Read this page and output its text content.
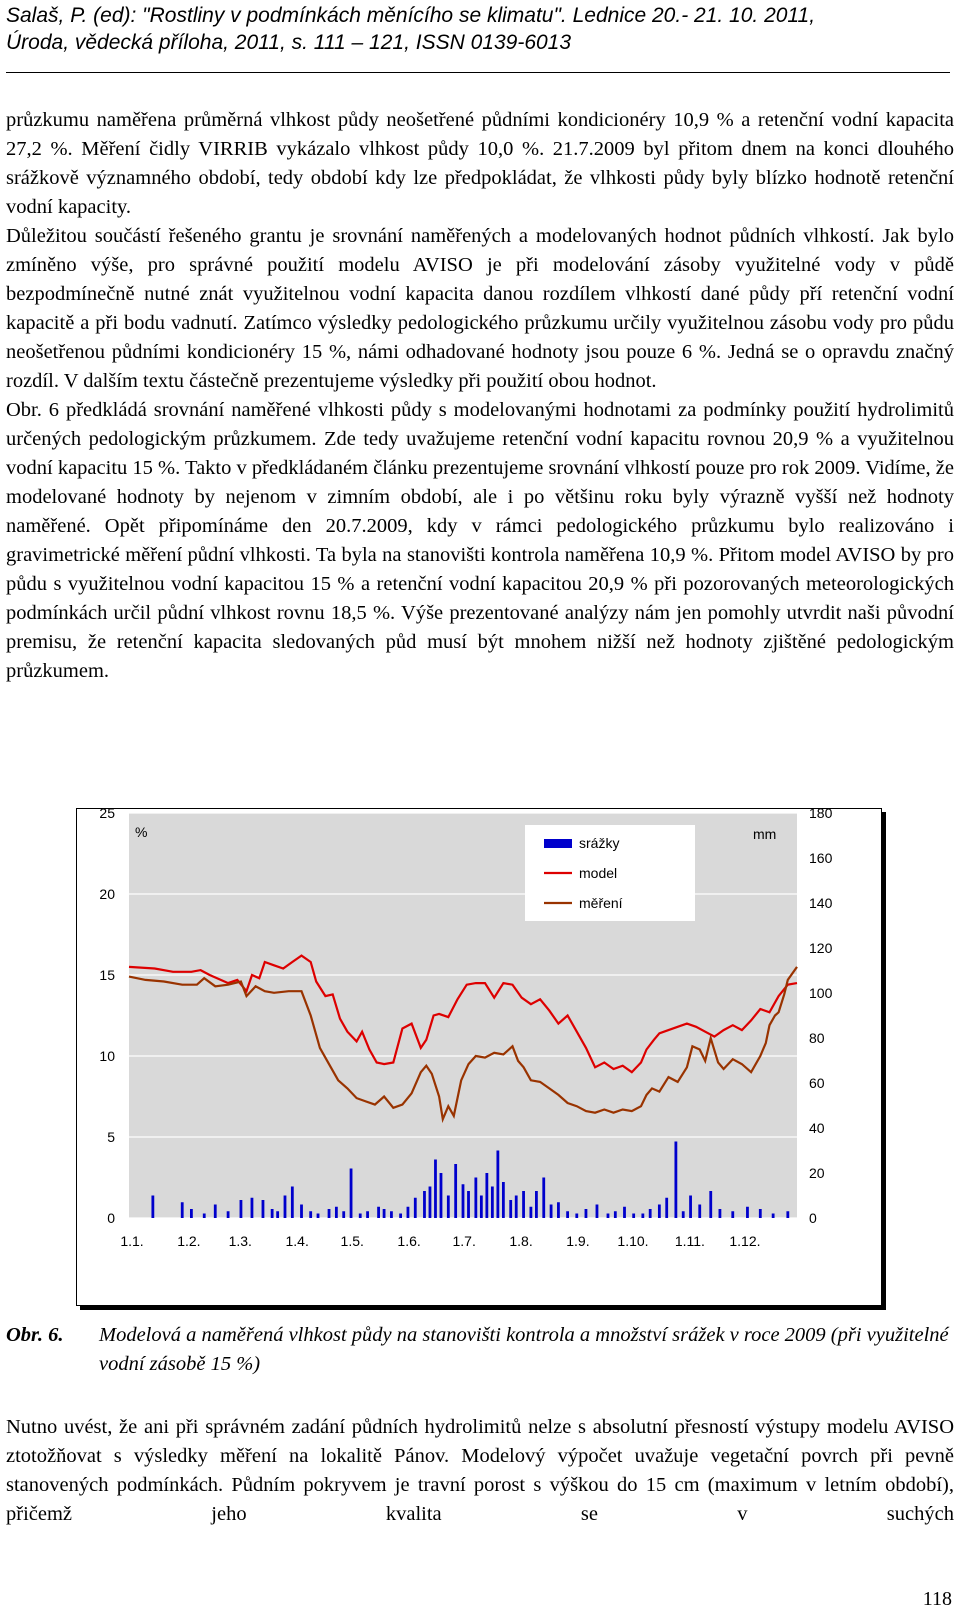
Salaš, P. (ed): "Rostliny v podmínkách měnícího se klimatu". Lednice 20.- 21. 10. 2011,
Úroda, vědecká příloha, 2011, s. 111 – 121, ISSN 0139-6013

průzkumu naměřena průměrná vlhkost půdy neošetřené půdními kondicionéry 10,9 % a retenční vodní kapacita 27,2 %. Měření čidly VIRRIB vykázalo vlhkost půdy 10,0 %. 21.7.2009 byl přitom dnem na konci dlouhého srážkově významného období, tedy období kdy lze předpokládat, že vlhkosti půdy byly blízko hodnotě retenční vodní kapacity.

Důležitou součástí řešeného grantu je srovnání naměřených a modelovaných hodnot půdních vlhkostí. Jak bylo zmíněno výše, pro správné použití modelu AVISO je při modelování zásoby využitelné vody v půdě bezpodmínečně nutné znát využitelnou vodní kapacita danou rozdílem vlhkostí dané půdy pří retenční vodní kapacitě a při bodu vadnutí. Zatímco výsledky pedologického průzkumu určily využitelnou zásobu vody pro půdu neošetřenou půdními kondicionéry 15 %, námi odhadované hodnoty jsou pouze 6 %. Jedná se o opravdu značný rozdíl. V dalším textu částečně prezentujeme výsledky při použití obou hodnot.

Obr. 6 předkládá srovnání naměřené vlhkosti půdy s modelovanými hodnotami za podmínky použití hydrolimitů určených pedologickým průzkumem. Zde tedy uvažujeme retenční vodní kapacitu rovnou 20,9 % a využitelnou vodní kapacitu 15 %. Takto v předkládaném článku prezentujeme srovnání vlhkostí pouze pro rok 2009. Vidíme, že modelované hodnoty by nejenom v zimním období, ale i po většinu roku byly výrazně vyšší než hodnoty naměřené. Opět připomínáme den 20.7.2009, kdy v rámci pedologického průzkumu bylo realizováno i gravimetrické měření půdní vlhkosti. Ta byla na stanovišti kontrola naměřena 10,9 %. Přitom model AVISO by pro půdu s využitelnou vodní kapacitou 15 % a retenční vodní kapacitou 20,9 % při pozorovaných meteorologických podmínkách určil půdní vlhkost rovnu 18,5 %. Výše prezentované analýzy nám jen pomohly utvrdit naši původní premisu, že retenční kapacita sledovaných půd musí být mnohem nižší než hodnoty zjištěné pedologickým průzkumem.

0
5
10
15
20
25
0
20
40
60
80
100
120
140
160
180
1.1. 1.2. 1.3. 1.4. 1.5. 1.6. 1.7. 1.8. 1.9. 1.10. 1.11. 1.12.
%	mm
srážky
model
měření
Obr. 6. Modelová a naměřená vlhkost půdy na stanovišti kontrola a množství srážek v roce 2009 (při využitelné vodní zásobě 15 %)

Nutno uvést, že ani při správném zadání půdních hydrolimitů nelze s absolutní přesností výstupy modelu AVISO ztotožňovat s výsledky měření na lokalitě Pánov. Modelový výpočet uvažuje vegetační povrch při pevně stanovených podmínkách. Půdním pokryvem je travní porost s výškou do 15 cm (maximum v letním období), přičemž jeho kvalita se v suchých

118
